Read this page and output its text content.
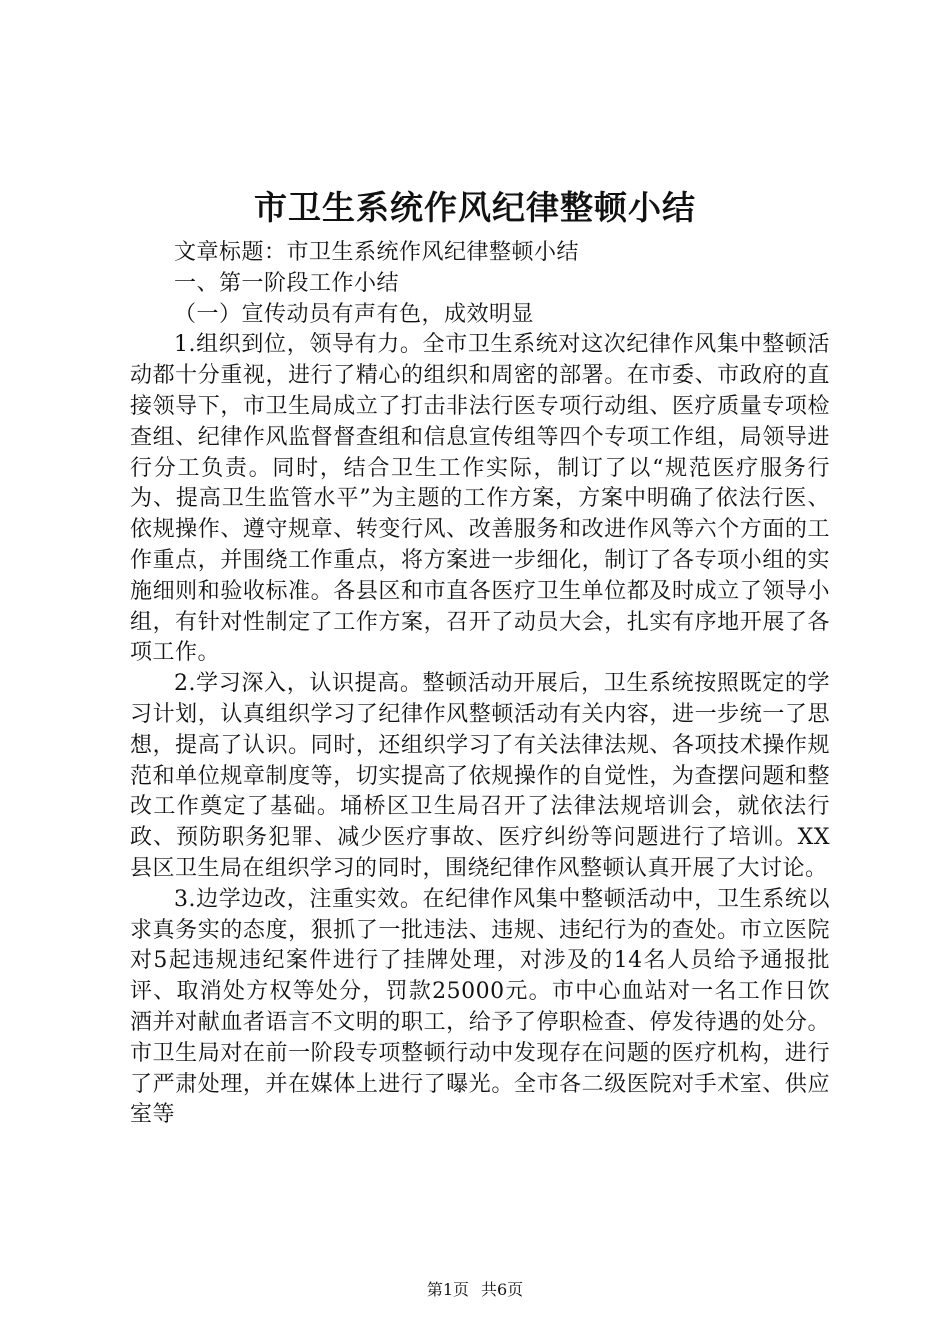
市卫生系统作风纪律整顿小结

文章标题：市卫生系统作风纪律整顿小结

一、第一阶段工作小结

（一）宣传动员有声有色，成效明显

1.组织到位，领导有力。全市卫生系统对这次纪律作风集中整顿活动都十分重视，进行了精心的组织和周密的部署。在市委、市政府的直接领导下，市卫生局成立了打击非法行医专项行动组、医疗质量专项检查组、纪律作风监督督查组和信息宣传组等四个专项工作组，局领导进行分工负责。同时，结合卫生工作实际，制订了以“规范医疗服务行为、提高卫生监管水平”为主题的工作方案，方案中明确了依法行医、依规操作、遵守规章、转变行风、改善服务和改进作风等六个方面的工作重点，并围绕工作重点，将方案进一步细化，制订了各专项小组的实施细则和验收标准。各县区和市直各医疗卫生单位都及时成立了领导小组，有针对性制定了工作方案，召开了动员大会，扎实有序地开展了各项工作。

2.学习深入，认识提高。整顿活动开展后，卫生系统按照既定的学习计划，认真组织学习了纪律作风整顿活动有关内容，进一步统一了思想，提高了认识。同时，还组织学习了有关法律法规、各项技术操作规范和单位规章制度等，切实提高了依规操作的自觉性，为查摆问题和整改工作奠定了基础。埇桥区卫生局召开了法律法规培训会，就依法行政、预防职务犯罪、减少医疗事故、医疗纠纷等问题进行了培训。XX县区卫生局在组织学习的同时，围绕纪律作风整顿认真开展了大讨论。

3.边学边改，注重实效。在纪律作风集中整顿活动中，卫生系统以求真务实的态度，狠抓了一批违法、违规、违纪行为的查处。市立医院对5起违规违纪案件进行了挂牌处理，对涉及的14名人员给予通报批评、取消处方权等处分，罚款25000元。市中心血站对一名工作日饮酒并对献血者语言不文明的职工，给予了停职检查、停发待遇的处分。市卫生局对在前一阶段专项整顿行动中发现存在问题的医疗机构，进行了严肃处理，并在媒体上进行了曝光。全市各二级医院对手术室、供应室等

第1页 共6页
